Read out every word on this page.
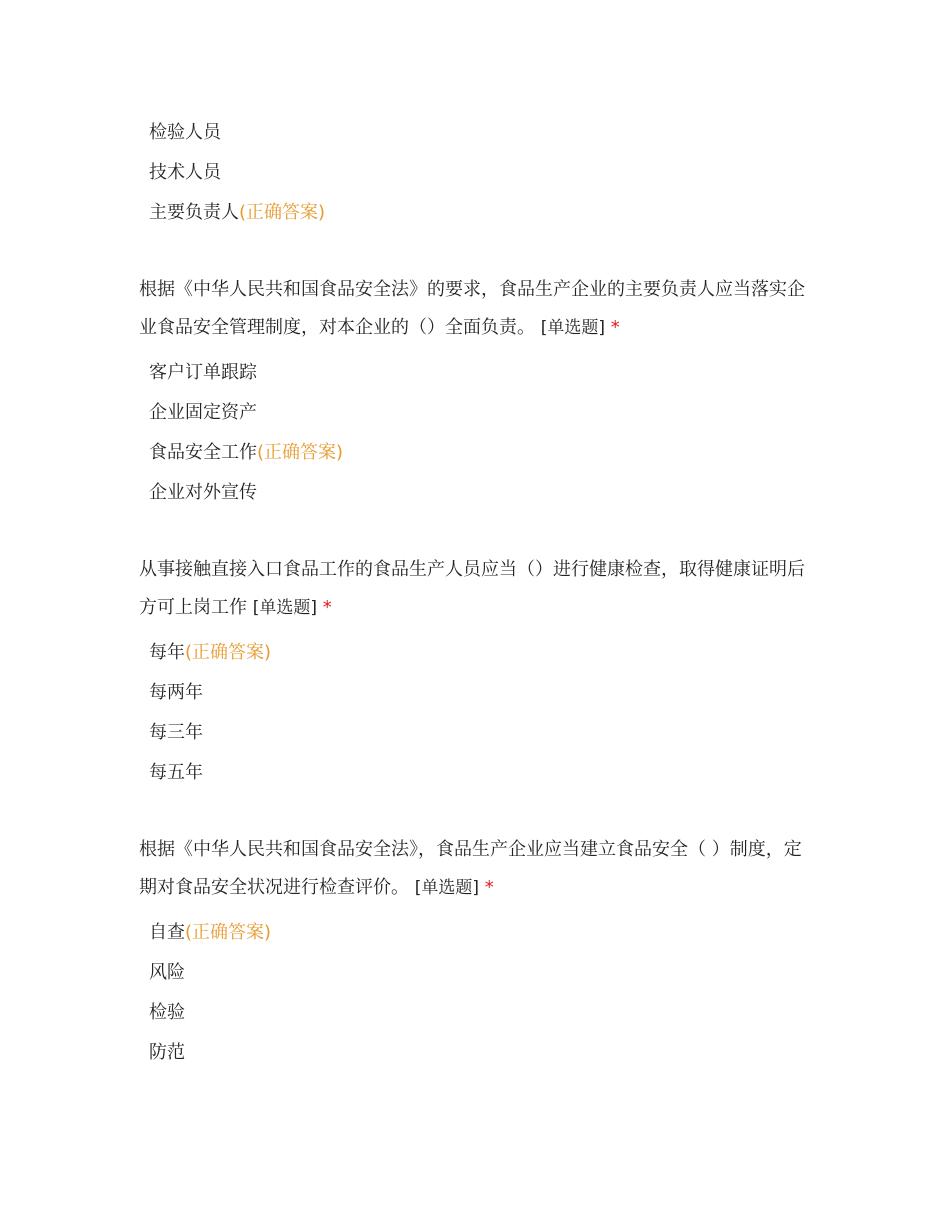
检验人员
技术人员
主要负责人(正确答案)
根据《中华人民共和国食品安全法》的要求，食品生产企业的主要负责人应当落实企业食品安全管理制度，对本企业的（）全面负责。 [单选题] *
客户订单跟踪
企业固定资产
食品安全工作(正确答案)
企业对外宣传
从事接触直接入口食品工作的食品生产人员应当（）进行健康检查，取得健康证明后方可上岗工作 [单选题] *
每年(正确答案)
每两年
每三年
每五年
根据《中华人民共和国食品安全法》，食品生产企业应当建立食品安全（ ）制度，定期对食品安全状况进行检查评价。 [单选题] *
自查(正确答案)
风险
检验
防范
